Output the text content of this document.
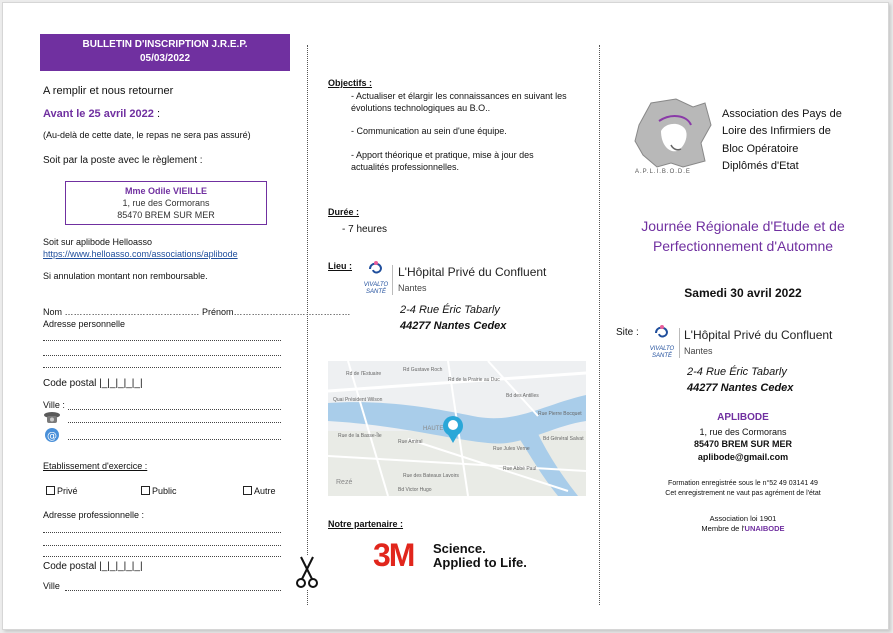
BULLETIN D'INSCRIPTION J.R.E.P.
05/03/2022
A remplir et nous retourner
Avant le 25 avril 2022 :
(Au-delà de cette date, le repas ne sera pas assuré)
Soit par la poste avec le règlement :
Mme Odile VIEILLE
1, rue des Cormorans
85470 BREM SUR MER
Soit sur aplibode Helloasso
https://www.helloasso.com/associations/aplibode
Si annulation montant non remboursable.
Nom ……………………………………… Prénom…………………………………
Adresse personnelle
Code postal |_|_|_|_|_|
Ville :
@
Etablissement d'exercice :
Privé	Public	Autre
Adresse professionnelle :
Code postal |_|_|_|_|_|
Ville
Objectifs :
- Actualiser et élargir les connaissances en suivant les évolutions technologiques au B.O..
- Communication au sein d'une équipe.
- Apport théorique et pratique, mise à jour des actualités professionnelles.
Durée :
- 7 heures
Lieu :
VIVALTO
SANTÉ
L'Hôpital Privé du Confluent
Nantes
2-4 Rue Éric Tabarly
44277 Nantes Cedex
Rd de l'Estuaire
Rd Gustave Roch
Rd de la Prairie au Duc
Quai Président Wilson
Bd des Antilles
Rue Pierre Bocquet
Rue de la Basse-Île
Rue Amiral
HAUTE
Rue des Bateaux Lavoirs
Rue Jules Verne
Bd Victor Hugo
Rezé
Rue Abbé Paul
Bd Général Salvat
Notre partenaire :
3M Science.
Applied to Life.
A.P.L.I.B.O.D.E
Association des Pays de
Loire des Infirmiers de
Bloc Opératoire
Diplômés d'Etat
Journée Régionale d'Etude et de
Perfectionnement d'Automne
Samedi 30 avril 2022
Site :
VIVALTO
SANTÉ
L'Hôpital Privé du Confluent
Nantes
2-4 Rue Éric Tabarly
44277 Nantes Cedex
APLIBODE
1, rue des Cormorans
85470 BREM SUR MER
aplibode@gmail.com
Formation enregistrée sous le n°52 49 03141 49
Cet enregistrement ne vaut pas agrément de l'état
Association loi 1901
Membre de l'UNAIBODE
